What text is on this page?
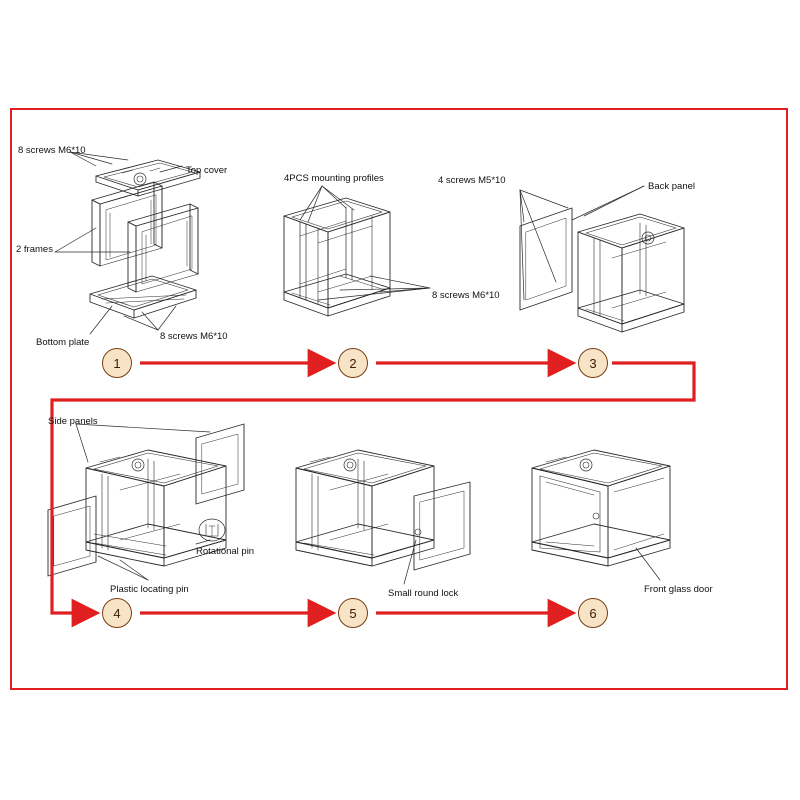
1	2	3
4	5	6
8 screws M6*10
Top cover
2 frames
Bottom plate
8 screws M6*10
4PCS mounting profiles
8 screws M6*10
4 screws M5*10
Back panel
Side panels
Rotational pin
Plastic locating pin	Small round lock	Front glass door
